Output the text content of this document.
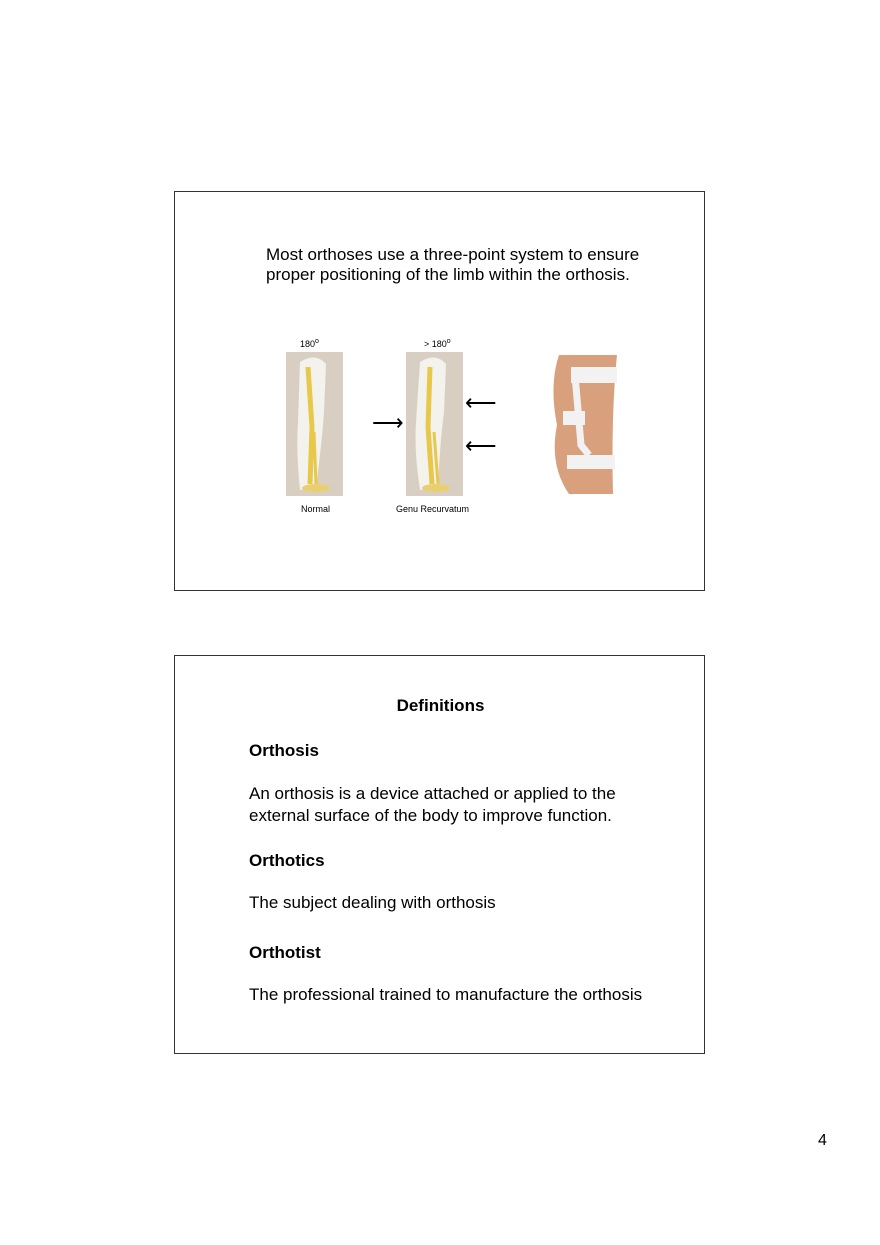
Most orthoses use a three-point system to ensure
proper positioning of the limb within the orthosis.
$180^o$	> $180^o$
⟶
⟵
⟵
Normal	Genu Recurvatum
Definitions
Orthosis
An orthosis is a device attached or applied to the
external surface of the body to improve function.
Orthotics
The subject dealing with orthosis
Orthotist
The professional trained to manufacture the orthosis
4
